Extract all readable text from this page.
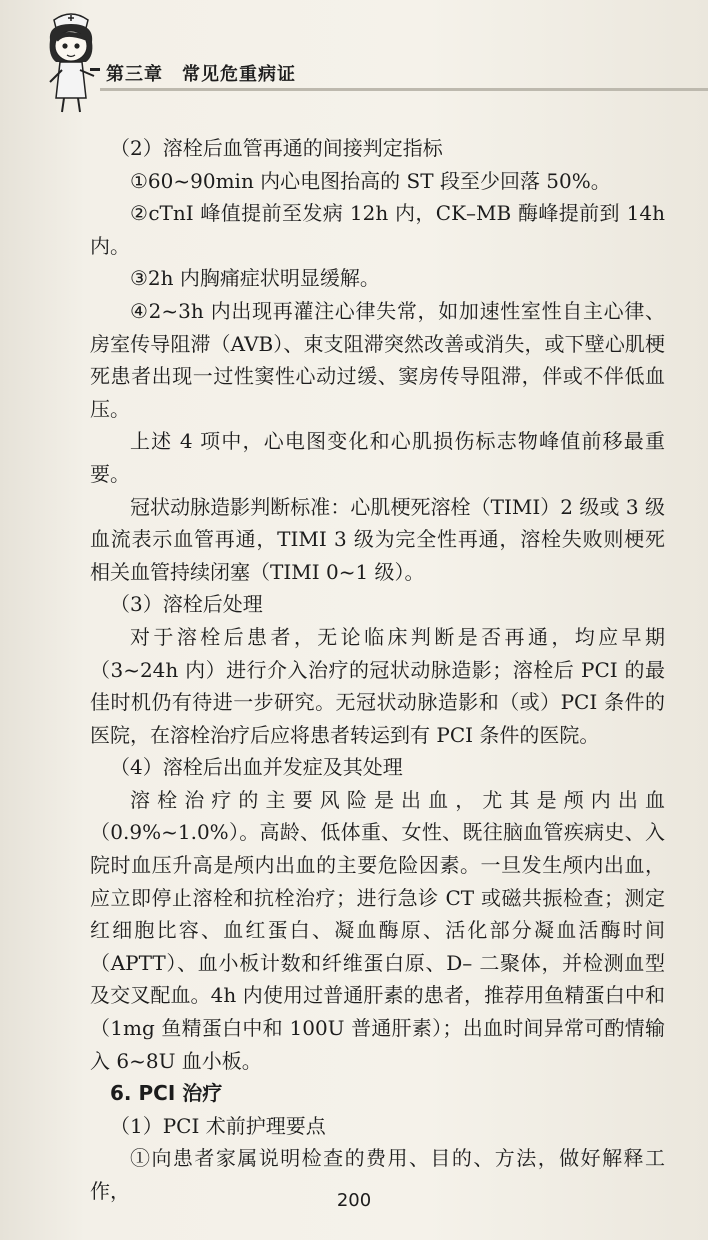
第三章　常见危重病证

（2）溶栓后血管再通的间接判定指标

①60~90min 内心电图抬高的 ST 段至少回落 50%。

②cTnI 峰值提前至发病 12h 内，CK–MB 酶峰提前到 14h 内。

③2h 内胸痛症状明显缓解。

④2~3h 内出现再灌注心律失常，如加速性室性自主心律、房室传导阻滞（AVB）、束支阻滞突然改善或消失，或下壁心肌梗死患者出现一过性窦性心动过缓、窦房传导阻滞，伴或不伴低血压。

上述 4 项中，心电图变化和心肌损伤标志物峰值前移最重要。

冠状动脉造影判断标准：心肌梗死溶栓（TIMI）2 级或 3 级血流表示血管再通，TIMI 3 级为完全性再通，溶栓失败则梗死相关血管持续闭塞（TIMI 0~1 级）。

（3）溶栓后处理

对于溶栓后患者，无论临床判断是否再通，均应早期（3~24h 内）进行介入治疗的冠状动脉造影；溶栓后 PCI 的最佳时机仍有待进一步研究。无冠状动脉造影和（或）PCI 条件的医院，在溶栓治疗后应将患者转运到有 PCI 条件的医院。

（4）溶栓后出血并发症及其处理

溶栓治疗的主要风险是出血，尤其是颅内出血（0.9%~1.0%）。高龄、低体重、女性、既往脑血管疾病史、入院时血压升高是颅内出血的主要危险因素。一旦发生颅内出血，应立即停止溶栓和抗栓治疗；进行急诊 CT 或磁共振检查；测定红细胞比容、血红蛋白、凝血酶原、活化部分凝血活酶时间（APTT）、血小板计数和纤维蛋白原、D– 二聚体，并检测血型及交叉配血。4h 内使用过普通肝素的患者，推荐用鱼精蛋白中和（1mg 鱼精蛋白中和 100U 普通肝素）；出血时间异常可酌情输入 6~8U 血小板。

6. PCI 治疗

（1）PCI 术前护理要点

①向患者家属说明检查的费用、目的、方法，做好解释工作，	200
